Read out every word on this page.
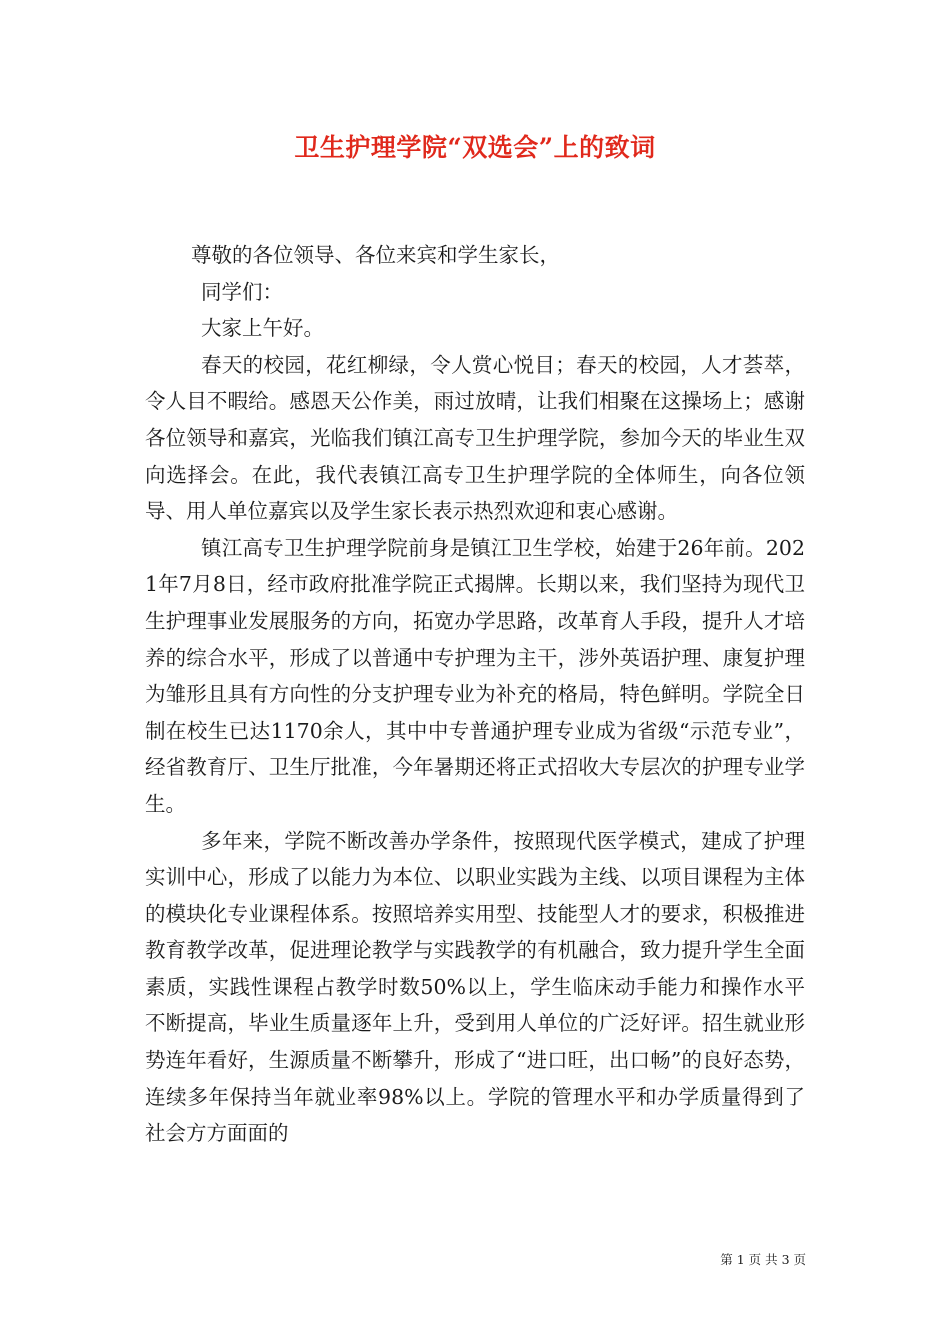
卫生护理学院“双选会”上的致词

尊敬的各位领导、各位来宾和学生家长，

同学们：

大家上午好。

春天的校园，花红柳绿，令人赏心悦目；春天的校园，人才荟萃，令人目不暇给。感恩天公作美，雨过放晴，让我们相聚在这操场上；感谢各位领导和嘉宾，光临我们镇江高专卫生护理学院，参加今天的毕业生双向选择会。在此，我代表镇江高专卫生护理学院的全体师生，向各位领导、用人单位嘉宾以及学生家长表示热烈欢迎和衷心感谢。

镇江高专卫生护理学院前身是镇江卫生学校，始建于26年前。2021年7月8日，经市政府批准学院正式揭牌。长期以来，我们坚持为现代卫生护理事业发展服务的方向，拓宽办学思路，改革育人手段，提升人才培养的综合水平，形成了以普通中专护理为主干，涉外英语护理、康复护理为雏形且具有方向性的分支护理专业为补充的格局，特色鲜明。学院全日制在校生已达1170余人，其中中专普通护理专业成为省级“示范专业”，经省教育厅、卫生厅批准，今年暑期还将正式招收大专层次的护理专业学生。

多年来，学院不断改善办学条件，按照现代医学模式，建成了护理实训中心，形成了以能力为本位、以职业实践为主线、以项目课程为主体的模块化专业课程体系。按照培养实用型、技能型人才的要求，积极推进教育教学改革，促进理论教学与实践教学的有机融合，致力提升学生全面素质，实践性课程占教学时数50%以上，学生临床动手能力和操作水平不断提高，毕业生质量逐年上升，受到用人单位的广泛好评。招生就业形势连年看好，生源质量不断攀升，形成了“进口旺，出口畅”的良好态势，连续多年保持当年就业率98%以上。学院的管理水平和办学质量得到了社会方方面面的

第 1 页 共 3 页
